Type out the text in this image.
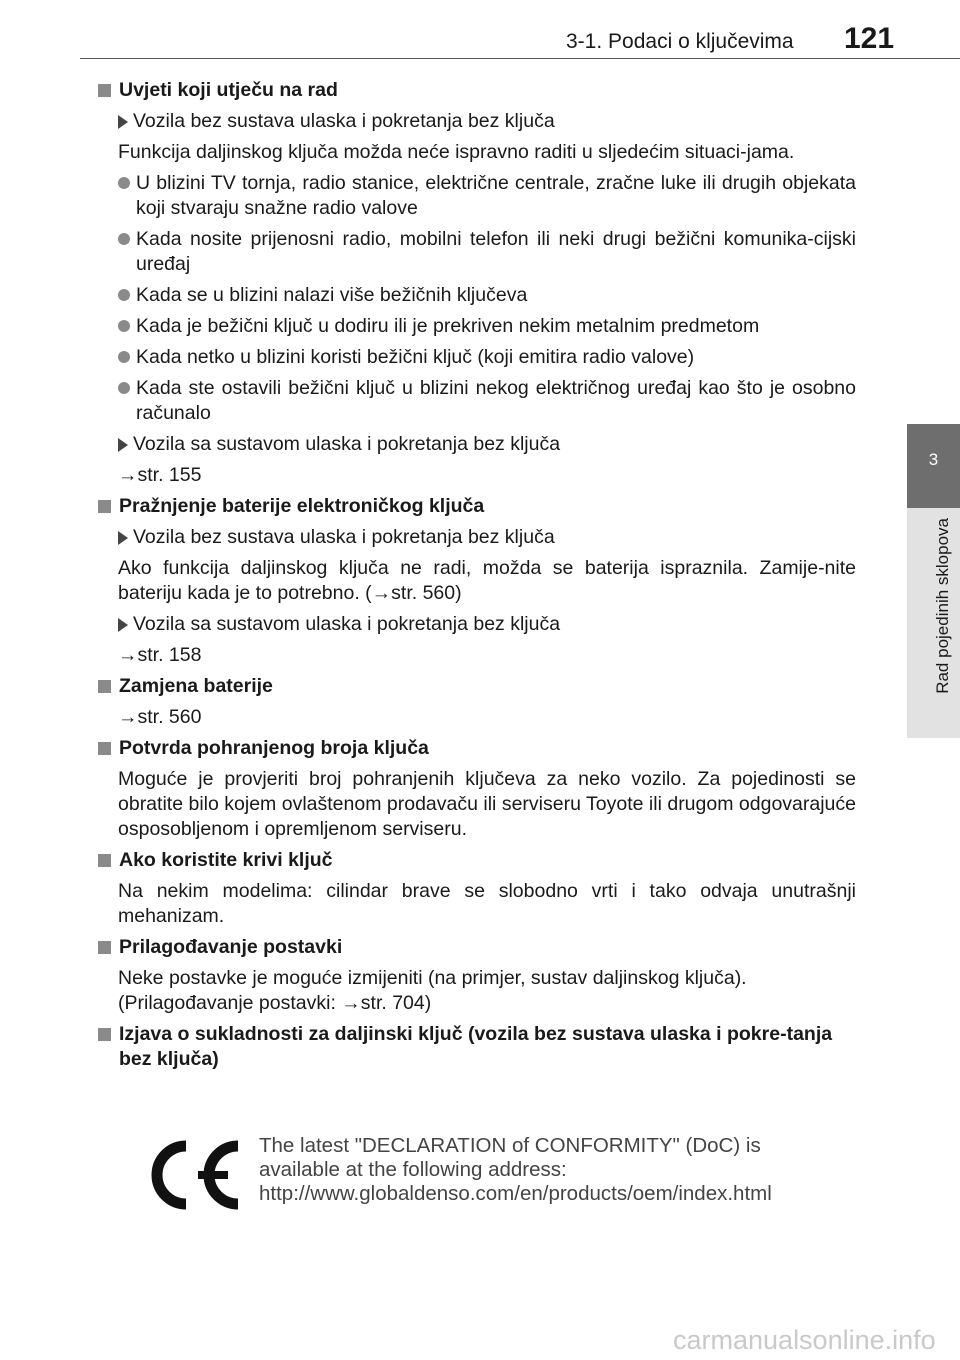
3-1. Podaci o ključevima 121
3
Rad pojedinih sklopova
Uvjeti koji utječu na rad
Vozila bez sustava ulaska i pokretanja bez ključa
Funkcija daljinskog ključa možda neće ispravno raditi u sljedećim situaci-jama.
U blizini TV tornja, radio stanice, električne centrale, zračne luke ili drugih objekata koji stvaraju snažne radio valove
Kada nosite prijenosni radio, mobilni telefon ili neki drugi bežični komunika-cijski uređaj
Kada se u blizini nalazi više bežičnih ključeva
Kada je bežični ključ u dodiru ili je prekriven nekim metalnim predmetom
Kada netko u blizini koristi bežični ključ (koji emitira radio valove)
Kada ste ostavili bežični ključ u blizini nekog električnog uređaj kao što je osobno računalo
Vozila sa sustavom ulaska i pokretanja bez ključa
→str. 155
Pražnjenje baterije elektroničkog ključa
Vozila bez sustava ulaska i pokretanja bez ključa
Ako funkcija daljinskog ključa ne radi, možda se baterija ispraznila. Zamije-nite bateriju kada je to potrebno. (→str. 560)
Vozila sa sustavom ulaska i pokretanja bez ključa
→str. 158
Zamjena baterije
→str. 560
Potvrda pohranjenog broja ključa
Moguće je provjeriti broj pohranjenih ključeva za neko vozilo. Za pojedinosti se obratite bilo kojem ovlaštenom prodavaču ili serviseru Toyote ili drugom odgovarajuće osposobljenom i opremljenom serviseru.
Ako koristite krivi ključ
Na nekim modelima: cilindar brave se slobodno vrti i tako odvaja unutrašnji mehanizam.
Prilagođavanje postavki
Neke postavke je moguće izmijeniti (na primjer, sustav daljinskog ključa).
(Prilagođavanje postavki: →str. 704)
Izjava o sukladnosti za daljinski ključ (vozila bez sustava ulaska i pokre-tanja bez ključa)
The latest "DECLARATION of CONFORMITY" (DoC) is
available at the following address:
http://www.globaldenso.com/en/products/oem/index.html
carmanualsonline.info
